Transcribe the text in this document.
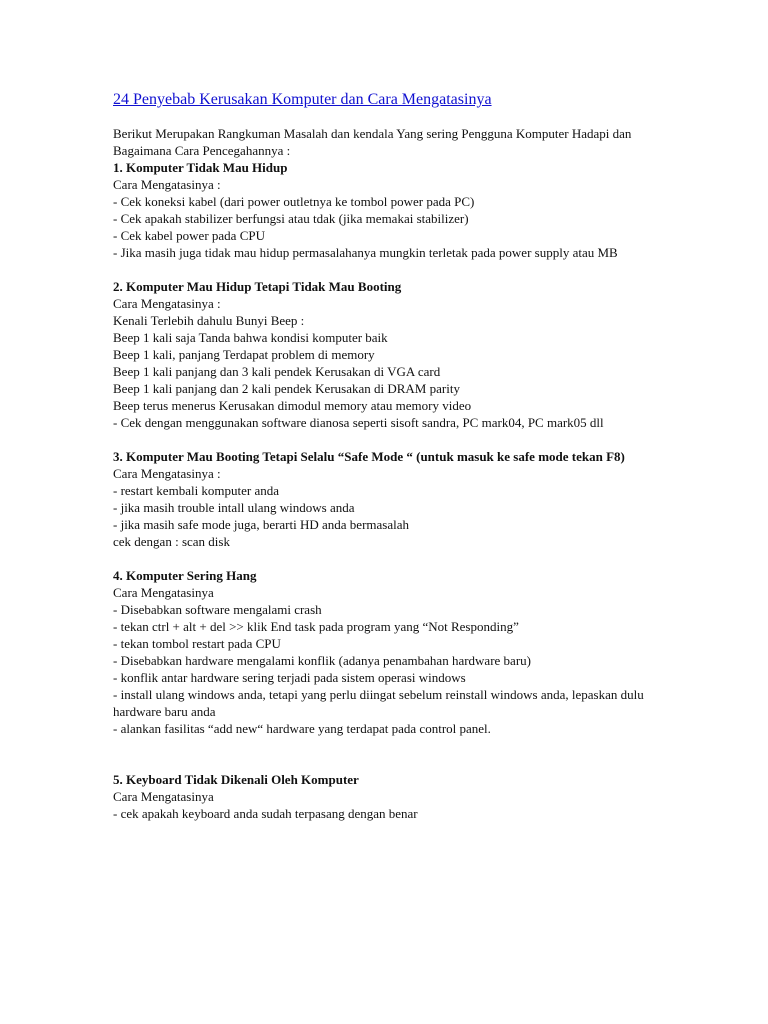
24 Penyebab Kerusakan Komputer dan Cara Mengatasinya

Berikut Merupakan Rangkuman Masalah dan kendala Yang sering Pengguna Komputer Hadapi dan Bagaimana Cara Pencegahannya :

1. Komputer Tidak Mau Hidup

Cara Mengatasinya :

- Cek koneksi kabel (dari power outletnya ke tombol power pada PC)

- Cek apakah stabilizer berfungsi atau tdak (jika memakai stabilizer)

- Cek kabel power pada CPU

- Jika masih juga tidak mau hidup permasalahanya mungkin terletak pada power supply atau MB

2. Komputer Mau Hidup Tetapi Tidak Mau Booting

Cara Mengatasinya :

Kenali Terlebih dahulu Bunyi Beep :

Beep 1 kali saja Tanda bahwa kondisi komputer baik

Beep 1 kali, panjang Terdapat problem di memory

Beep 1 kali panjang dan 3 kali pendek Kerusakan di VGA card

Beep 1 kali panjang dan 2 kali pendek Kerusakan di DRAM parity

Beep terus menerus Kerusakan dimodul memory atau memory video

- Cek dengan menggunakan software dianosa seperti sisoft sandra, PC mark04, PC mark05 dll

3. Komputer Mau Booting Tetapi Selalu “Safe Mode “ (untuk masuk ke safe mode tekan F8)

Cara Mengatasinya :

- restart kembali komputer anda

- jika masih trouble intall ulang windows anda

- jika masih safe mode juga, berarti HD anda bermasalah

cek dengan : scan disk

4. Komputer Sering Hang

Cara Mengatasinya

- Disebabkan software mengalami crash

- tekan ctrl + alt + del >> klik End task pada program yang “Not Responding”

- tekan tombol restart pada CPU

- Disebabkan hardware mengalami konflik (adanya penambahan hardware baru)

- konflik antar hardware sering terjadi pada sistem operasi windows

- install ulang windows anda, tetapi yang perlu diingat sebelum reinstall windows anda, lepaskan dulu hardware baru anda

- alankan fasilitas “add new“ hardware yang terdapat pada control panel.

5. Keyboard Tidak Dikenali Oleh Komputer

Cara Mengatasinya

- cek apakah keyboard anda sudah terpasang dengan benar
